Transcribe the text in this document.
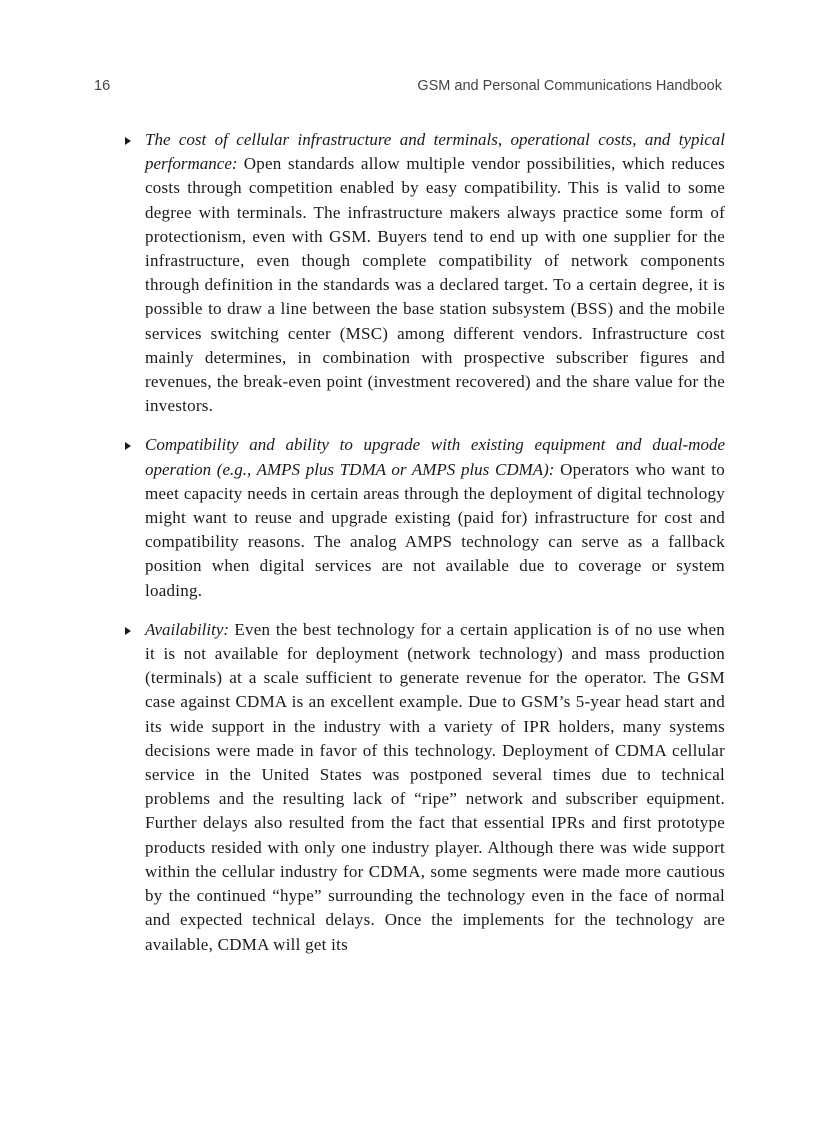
16	GSM and Personal Communications Handbook
The cost of cellular infrastructure and terminals, operational costs, and typical performance: Open standards allow multiple vendor possibilities, which reduces costs through competition enabled by easy compatibility. This is valid to some degree with terminals. The infrastructure makers always practice some form of protectionism, even with GSM. Buyers tend to end up with one supplier for the infrastructure, even though complete compatibility of network components through definition in the standards was a declared target. To a certain degree, it is possible to draw a line between the base station subsystem (BSS) and the mobile services switching center (MSC) among different vendors. Infrastructure cost mainly determines, in combination with prospective subscriber figures and revenues, the break-even point (investment recovered) and the share value for the investors.
Compatibility and ability to upgrade with existing equipment and dual-mode operation (e.g., AMPS plus TDMA or AMPS plus CDMA): Operators who want to meet capacity needs in certain areas through the deployment of digital technology might want to reuse and upgrade existing (paid for) infrastructure for cost and compatibility reasons. The analog AMPS technology can serve as a fallback position when digital services are not available due to coverage or system loading.
Availability: Even the best technology for a certain application is of no use when it is not available for deployment (network technology) and mass production (terminals) at a scale sufficient to generate revenue for the operator. The GSM case against CDMA is an excellent example. Due to GSM’s 5-year head start and its wide support in the industry with a variety of IPR holders, many systems decisions were made in favor of this technology. Deployment of CDMA cellular service in the United States was postponed several times due to technical problems and the resulting lack of “ripe” network and subscriber equipment. Further delays also resulted from the fact that essential IPRs and first prototype products resided with only one industry player. Although there was wide support within the cellular industry for CDMA, some segments were made more cautious by the continued “hype” surrounding the technology even in the face of normal and expected technical delays. Once the implements for the technology are available, CDMA will get its
